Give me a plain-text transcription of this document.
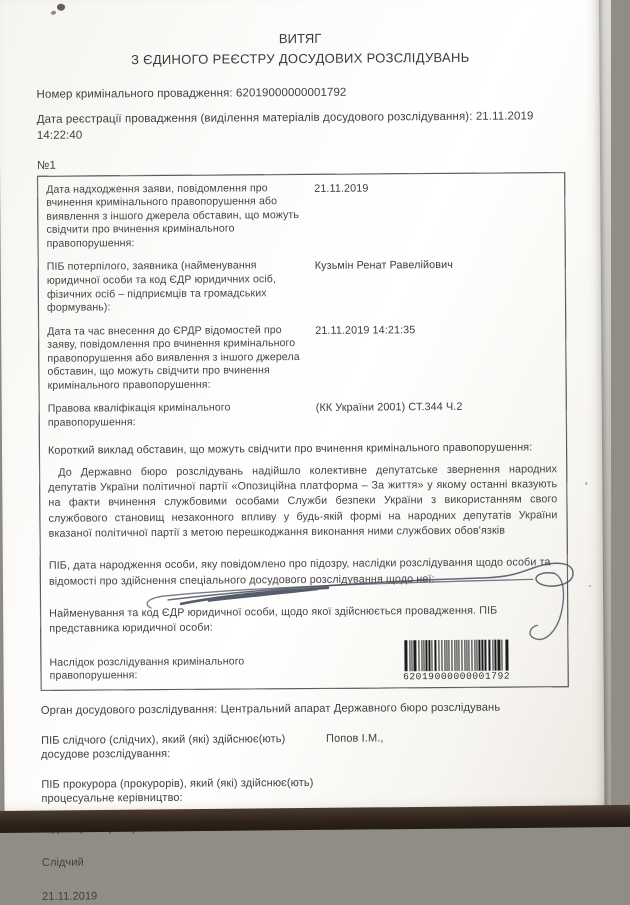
ВИТЯГ
З ЄДИНОГО РЕЄСТРУ ДОСУДОВИХ РОЗСЛІДУВАНЬ

Номер кримінального провадження: 62019000000001792

Дата реєстрації провадження (виділення матеріалів досудового розслідування): 21.11.2019 14:22:40

№1

Дата надходження заяви, повідомлення про вчинення кримінального правопорушення або виявлення з іншого джерела обставин, що можуть свідчити про вчинення кримінального правопорушення:
21.11.2019
ПІБ потерпілого, заявника (найменування юридичної особи та код ЄДР юридичних осіб, фізичних осіб – підприємців та громадських формувань):
Кузьмін Ренат Равелійович
Дата та час внесення до ЄРДР відомостей про заяву, повідомлення про вчинення кримінального правопорушення або виявлення з іншого джерела обставин, що можуть свідчити про вчинення кримінального правопорушення:
21.11.2019 14:21:35
Правова кваліфікація кримінального правопорушення:
(КК України 2001) СТ.344 Ч.2
Короткий виклад обставин, що можуть свідчити про вчинення кримінального правопорушення:

До Державно бюро розслідувань надійшло колективне депутатське звернення народних депутатів України політичної партії «Опозиційна платформа – За життя» у якому останні вказують на факти вчинення службовими особами Служби безпеки України з використанням свого службового становищ незаконного впливу у будь-якій формі на народних депутатів України вказаної політичної партії з метою перешкоджання виконання ними службових обов'язків

ПІБ, дата народження особи, яку повідомлено про підозру, наслідки розслідування щодо особи та відомості про здійснення спеціального досудового розслідування щодо неї:

Найменування та код ЄДР юридичної особи, щодо якої здійснюється провадження. ПІБ представника юридичної особи:

Наслідок розслідування кримінального правопорушення:

Орган досудового розслідування: Центральний апарат Державного бюро розслідувань

ПІБ слідчого (слідчих), який (які) здійснює(ють) досудове розслідування:
Попов І.М.,
ПІБ прокурора (прокурорів), який (які) здійснює(ють) процесуальне керівництво:

Слідчий

21.11.2019

62019000000001792
